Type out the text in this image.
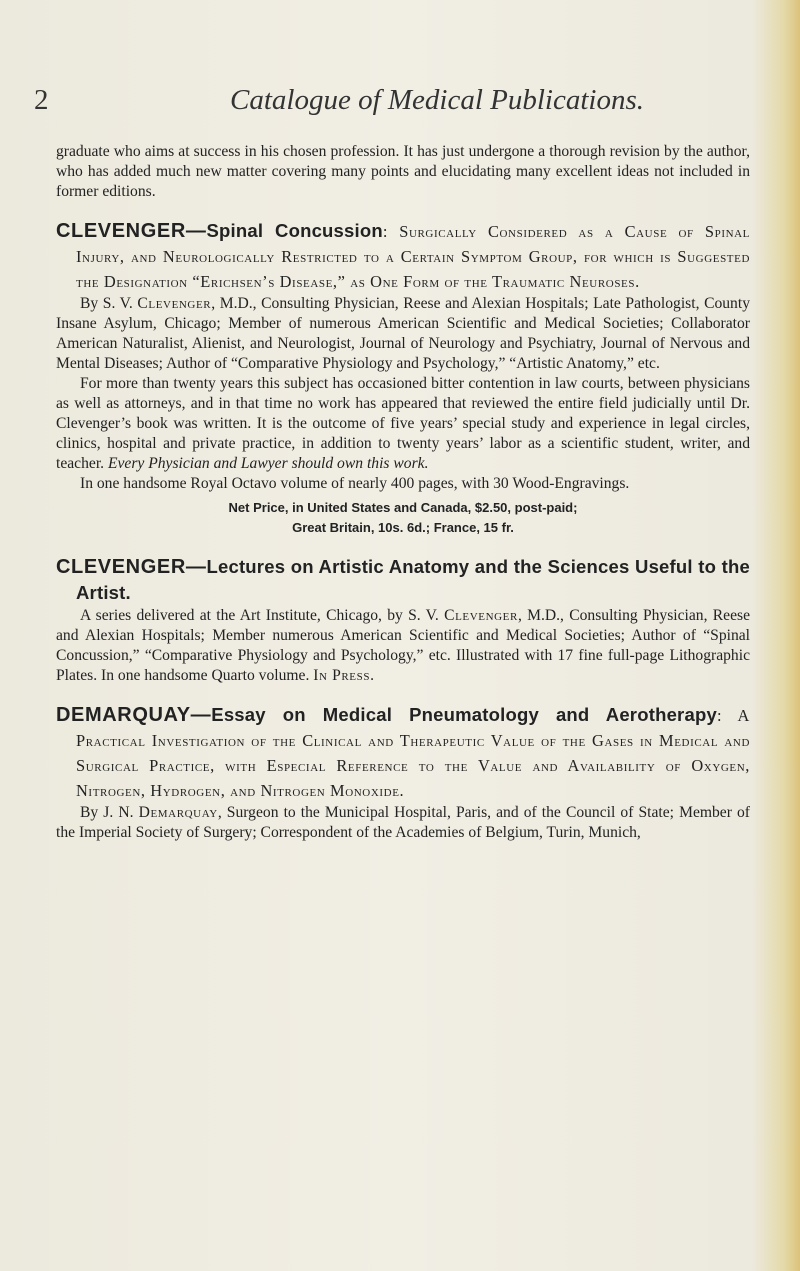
2	Catalogue of Medical Publications.

graduate who aims at success in his chosen profession. It has just undergone a thorough revision by the author, who has added much new matter covering many points and elucidating many excellent ideas not included in former editions.

CLEVENGER—Spinal Concussion: Surgically Considered as a Cause of Spinal Injury, and Neurologically Restricted to a Certain Symptom Group, for which is Suggested the Designation “Erichsen’s Disease,” as One Form of the Traumatic Neuroses.

By S. V. Clevenger, M.D., Consulting Physician, Reese and Alexian Hospitals; Late Pathologist, County Insane Asylum, Chicago; Member of numerous American Scientific and Medical Societies; Collaborator American Naturalist, Alienist, and Neurologist, Journal of Neurology and Psychiatry, Journal of Nervous and Mental Diseases; Author of “Comparative Physiology and Psychology,” “Artistic Anatomy,” etc.

For more than twenty years this subject has occasioned bitter contention in law courts, between physicians as well as attorneys, and in that time no work has appeared that reviewed the entire field judicially until Dr. Clevenger’s book was written. It is the outcome of five years’ special study and experience in legal circles, clinics, hospital and private practice, in addition to twenty years’ labor as a scientific student, writer, and teacher. Every Physician and Lawyer should own this work.

In one handsome Royal Octavo volume of nearly 400 pages, with 30 Wood-Engravings.

Net Price, in United States and Canada, $2.50, post-paid;
Great Britain, 10s. 6d.; France, 15 fr.

CLEVENGER—Lectures on Artistic Anatomy and the Sciences Useful to the Artist.

A series delivered at the Art Institute, Chicago, by S. V. Clevenger, M.D., Consulting Physician, Reese and Alexian Hospitals; Member numerous American Scientific and Medical Societies; Author of “Spinal Concussion,” “Comparative Physiology and Psychology,” etc. Illustrated with 17 fine full-page Lithographic Plates. In one handsome Quarto volume. In Press.

DEMARQUAY—Essay on Medical Pneumatology and Aerotherapy: A Practical Investigation of the Clinical and Therapeutic Value of the Gases in Medical and Surgical Practice, with Especial Reference to the Value and Availability of Oxygen, Nitrogen, Hydrogen, and Nitrogen Monoxide.

By J. N. Demarquay, Surgeon to the Municipal Hospital, Paris, and of the Council of State; Member of the Imperial Society of Surgery; Correspondent of the Academies of Belgium, Turin, Munich,
